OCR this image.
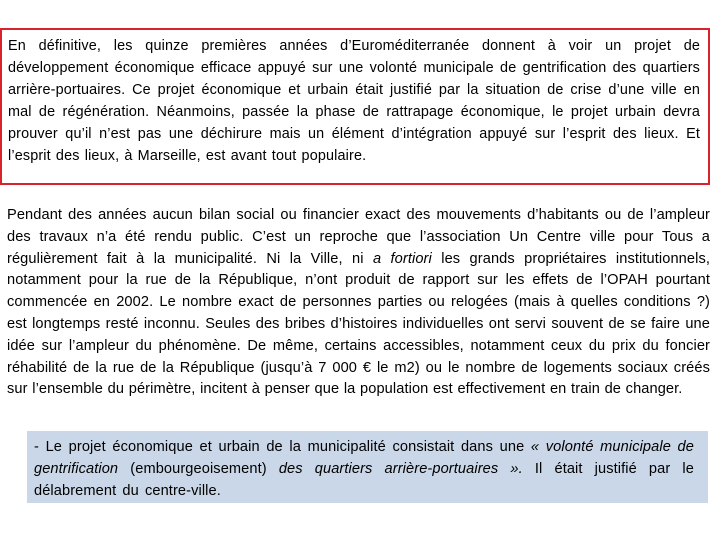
En définitive, les quinze premières années d’Euroméditerranée donnent à voir un projet de développement économique efficace appuyé sur une volonté municipale de gentrification des quartiers arrière-portuaires. Ce projet économique et urbain était justifié par la situation de crise d’une ville en mal de régénération. Néanmoins, passée la phase de rattrapage économique, le projet urbain devra prouver qu’il n’est pas une déchirure mais un élément d’intégration appuyé sur l’esprit des lieux. Et l’esprit des lieux, à Marseille, est avant tout populaire.

Pendant des années aucun bilan social ou financier exact des mouvements d’habitants ou de l’ampleur des travaux n’a été rendu public. C’est un reproche que l’association Un Centre ville pour Tous a régulièrement fait à la municipalité. Ni la Ville, ni a fortiori les grands propriétaires institutionnels, notamment pour la rue de la République, n’ont produit de rapport sur les effets de l’OPAH pourtant commencée en 2002. Le nombre exact de personnes parties ou relogées (mais à quelles conditions ?) est longtemps resté inconnu. Seules des bribes d’histoires individuelles ont servi souvent de se faire une idée sur l’ampleur du phénomène. De même, certains accessibles, notamment ceux du prix du foncier réhabilité de la rue de la République (jusqu’à 7 000 € le m2) ou le nombre de logements sociaux créés sur l’ensemble du périmètre, incitent à penser que la population est effectivement en train de changer.

- Le projet économique et urbain de la municipalité consistait dans une « volonté municipale de gentrification (embourgeoisement) des quartiers arrière-portuaires ». Il était justifié par le délabrement du centre-ville.
